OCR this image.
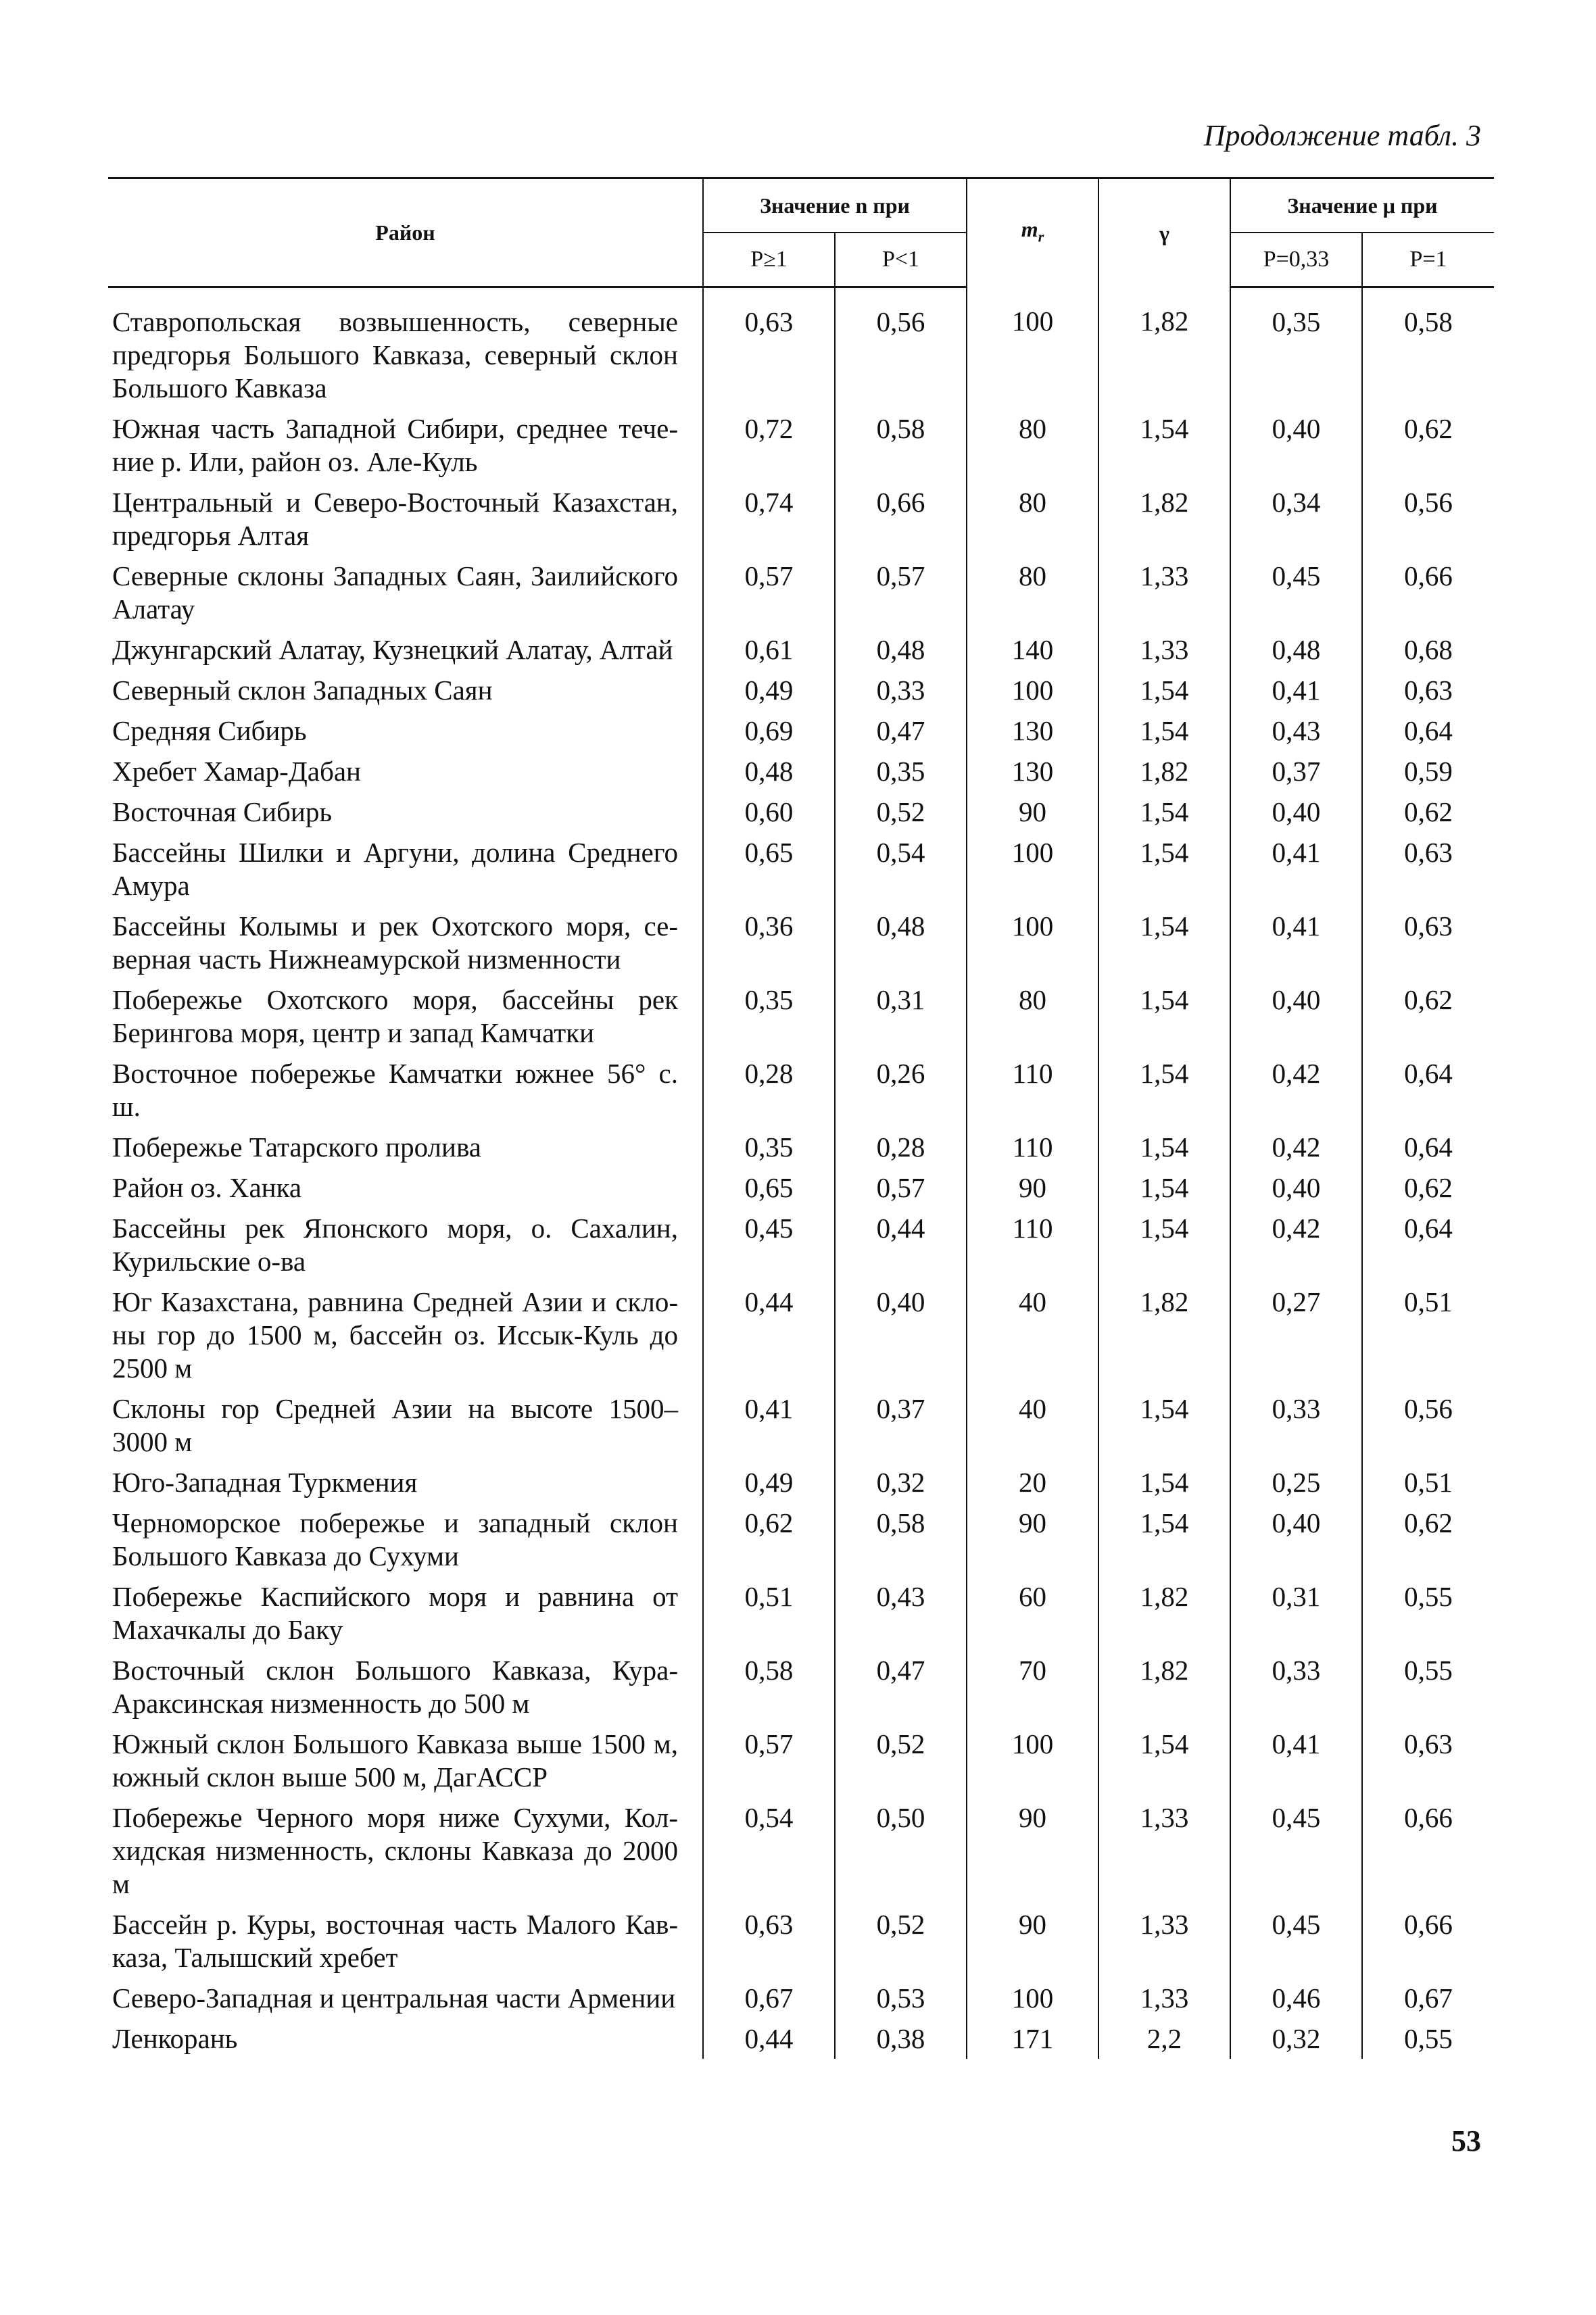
Продолжение табл. 3
Район	Значение n при		$m_r$	γ	Значение μ при	
	P≥1	P<1			P=0,33	P=1
Ставропольская возвышенность, северные предгорья Большого Кавказа, северный склон Большого Кавказа	0,63	0,56	100	1,82	0,35	0,58
Южная часть Западной Сибири, среднее течение р. Или, район оз. Але-Куль	0,72	0,58	80	1,54	0,40	0,62
Центральный и Северо-Восточный Казахстан, предгорья Алтая	0,74	0,66	80	1,82	0,34	0,56
Северные склоны Западных Саян, Заилийского Алатау	0,57	0,57	80	1,33	0,45	0,66
Джунгарский Алатау, Кузнецкий Алатау, Алтай	0,61	0,48	140	1,33	0,48	0,68
Северный склон Западных Саян	0,49	0,33	100	1,54	0,41	0,63
Средняя Сибирь	0,69	0,47	130	1,54	0,43	0,64
Хребет Хамар-Дабан	0,48	0,35	130	1,82	0,37	0,59
Восточная Сибирь	0,60	0,52	90	1,54	0,40	0,62
Бассейны Шилки и Аргуни, долина Среднего Амура	0,65	0,54	100	1,54	0,41	0,63
Бассейны Колымы и рек Охотского моря, северная часть Нижнеамурской низменности	0,36	0,48	100	1,54	0,41	0,63
Побережье Охотского моря, бассейны рек Берингова моря, центр и запад Камчатки	0,35	0,31	80	1,54	0,40	0,62
Восточное побережье Камчатки южнее 56° с. ш.	0,28	0,26	110	1,54	0,42	0,64
Побережье Татарского пролива	0,35	0,28	110	1,54	0,42	0,64
Район оз. Ханка	0,65	0,57	90	1,54	0,40	0,62
Бассейны рек Японского моря, о. Сахалин, Курильские о-ва	0,45	0,44	110	1,54	0,42	0,64
Юг Казахстана, равнина Средней Азии и склоны гор до 1500 м, бассейн оз. Иссык-Куль до 2500 м	0,44	0,40	40	1,82	0,27	0,51
Склоны гор Средней Азии на высоте 1500–3000 м	0,41	0,37	40	1,54	0,33	0,56
Юго-Западная Туркмения	0,49	0,32	20	1,54	0,25	0,51
Черноморское побережье и западный склон Большого Кавказа до Сухуми	0,62	0,58	90	1,54	0,40	0,62
Побережье Каспийского моря и равнина от Махачкалы до Баку	0,51	0,43	60	1,82	0,31	0,55
Восточный склон Большого Кавказа, Кура-Араксинская низменность до 500 м	0,58	0,47	70	1,82	0,33	0,55
Южный склон Большого Кавказа выше 1500 м, южный склон выше 500 м, ДагАССР	0,57	0,52	100	1,54	0,41	0,63
Побережье Черного моря ниже Сухуми, Колхидская низменность, склоны Кавказа до 2000 м	0,54	0,50	90	1,33	0,45	0,66
Бассейн р. Куры, восточная часть Малого Кавказа, Талышский хребет	0,63	0,52	90	1,33	0,45	0,66
Северо-Западная и центральная части Армении	0,67	0,53	100	1,33	0,46	0,67
Ленкорань	0,44	0,38	171	2,2	0,32	0,55
53
